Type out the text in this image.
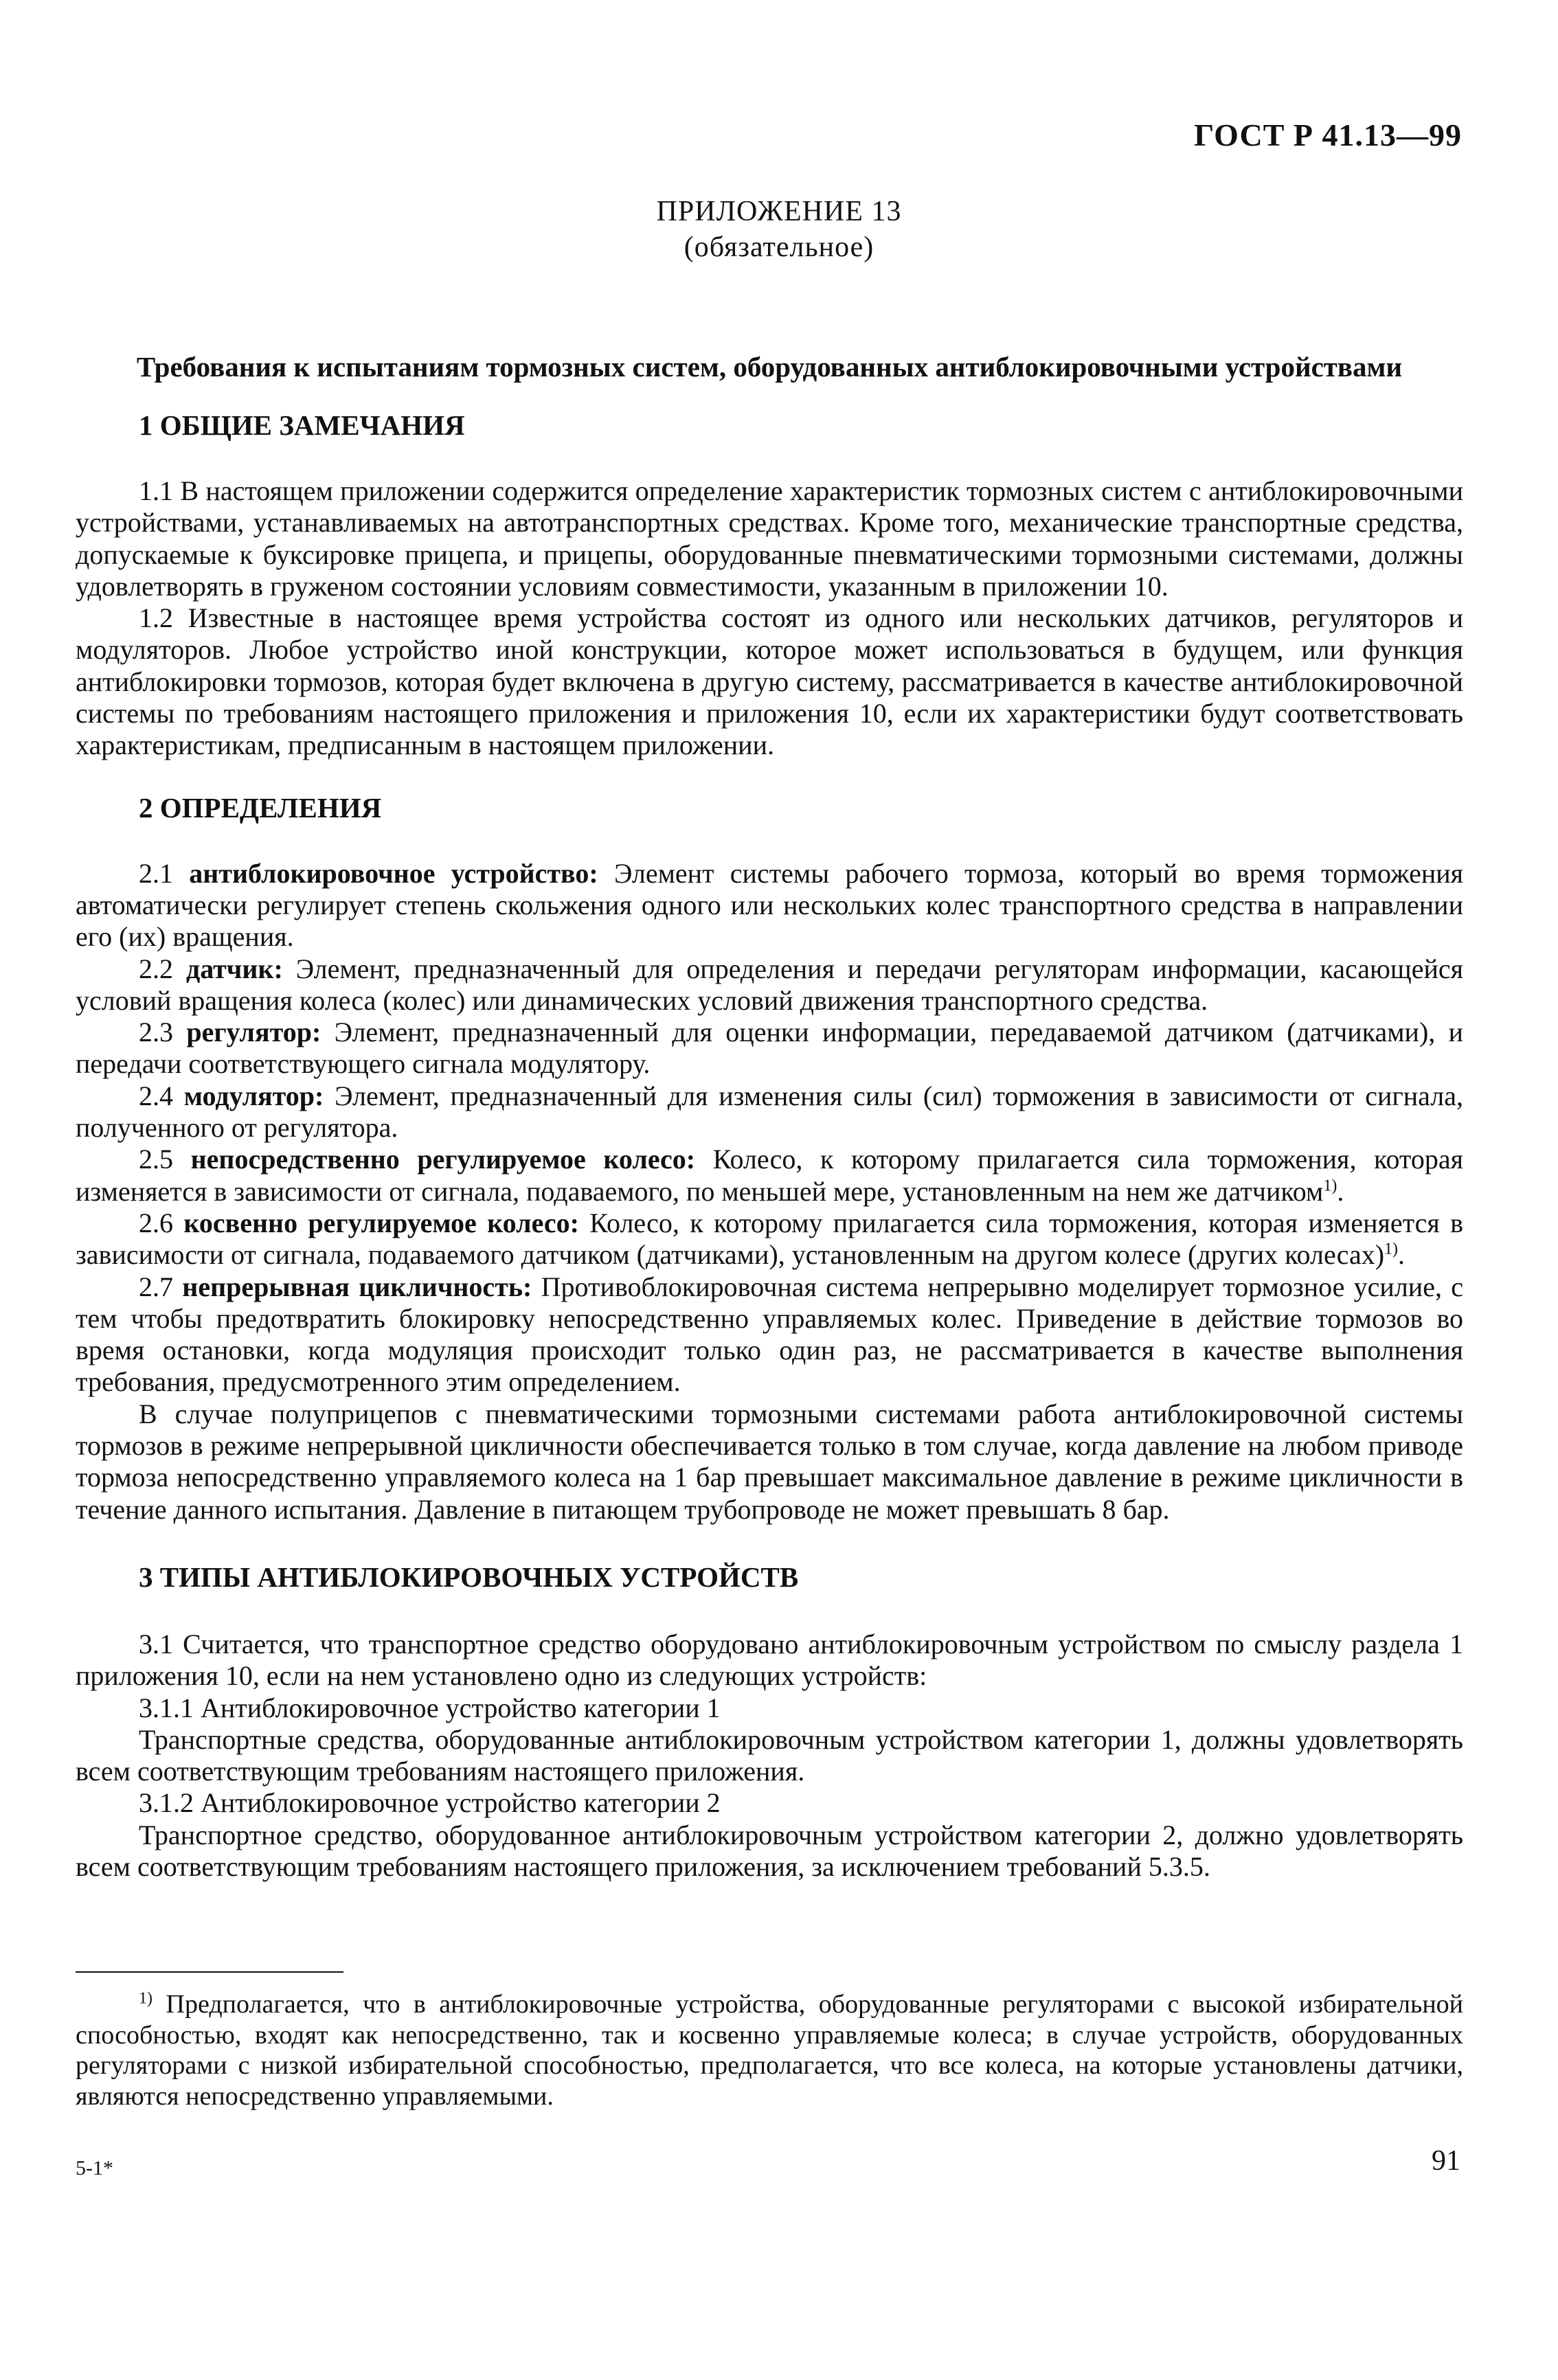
ГОСТ Р 41.13—99
ПРИЛОЖЕНИЕ 13
(обязательное)
Требования к испытаниям тормозных систем, оборудованных антиблокировочными устройствами
1 ОБЩИЕ ЗАМЕЧАНИЯ

1.1 В настоящем приложении содержится определение характеристик тормозных систем с антиблокировочными устройствами, устанавливаемых на автотранспортных средствах. Кроме того, механические транспортные средства, допускаемые к буксировке прицепа, и прицепы, оборудованные пневматическими тормозными системами, должны удовлетворять в груженом состоянии условиям совместимости, указанным в приложении 10.

1.2 Известные в настоящее время устройства состоят из одного или нескольких датчиков, регуляторов и модуляторов. Любое устройство иной конструкции, которое может использоваться в будущем, или функция антиблокировки тормозов, которая будет включена в другую систему, рассматривается в качестве антиблокировочной системы по требованиям настоящего приложения и приложения 10, если их характеристики будут соответствовать характеристикам, предписанным в настоящем приложении.

2 ОПРЕДЕЛЕНИЯ

2.1 антиблокировочное устройство: Элемент системы рабочего тормоза, который во время торможения автоматически регулирует степень скольжения одного или нескольких колес транспортного средства в направлении его (их) вращения.

2.2 датчик: Элемент, предназначенный для определения и передачи регуляторам информации, касающейся условий вращения колеса (колес) или динамических условий движения транспортного средства.

2.3 регулятор: Элемент, предназначенный для оценки информации, передаваемой датчиком (датчиками), и передачи соответствующего сигнала модулятору.

2.4 модулятор: Элемент, предназначенный для изменения силы (сил) торможения в зависимости от сигнала, полученного от регулятора.

2.5 непосредственно регулируемое колесо: Колесо, к которому прилагается сила торможения, которая изменяется в зависимости от сигнала, подаваемого, по меньшей мере, установленным на нем же датчиком$^{1)}$.

2.6 косвенно регулируемое колесо: Колесо, к которому прилагается сила торможения, которая изменяется в зависимости от сигнала, подаваемого датчиком (датчиками), установленным на другом колесе (других колесах)$^{1)}$.

2.7 непрерывная цикличность: Противоблокировочная система непрерывно моделирует тормозное усилие, с тем чтобы предотвратить блокировку непосредственно управляемых колес. Приведение в действие тормозов во время остановки, когда модуляция происходит только один раз, не рассматривается в качестве выполнения требования, предусмотренного этим определением.

В случае полуприцепов с пневматическими тормозными системами работа антиблокировочной системы тормозов в режиме непрерывной цикличности обеспечивается только в том случае, когда давление на любом приводе тормоза непосредственно управляемого колеса на 1 бар превышает максимальное давление в режиме цикличности в течение данного испытания. Давление в питающем трубопроводе не может превышать 8 бар.

3 ТИПЫ АНТИБЛОКИРОВОЧНЫХ УСТРОЙСТВ

3.1 Считается, что транспортное средство оборудовано антиблокировочным устройством по смыслу раздела 1 приложения 10, если на нем установлено одно из следующих устройств:

3.1.1 Антиблокировочное устройство категории 1

Транспортные средства, оборудованные антиблокировочным устройством категории 1, должны удовлетворять всем соответствующим требованиям настоящего приложения.

3.1.2 Антиблокировочное устройство категории 2

Транспортное средство, оборудованное антиблокировочным устройством категории 2, должно удовлетворять всем соответствующим требованиям настоящего приложения, за исключением требований 5.3.5.

$^{1)}$ Предполагается, что в антиблокировочные устройства, оборудованные регуляторами с высокой избирательной способностью, входят как непосредственно, так и косвенно управляемые колеса; в случае устройств, оборудованных регуляторами с низкой избирательной способностью, предполагается, что все колеса, на которые установлены датчики, являются непосредственно управляемыми.
5-1*	91
